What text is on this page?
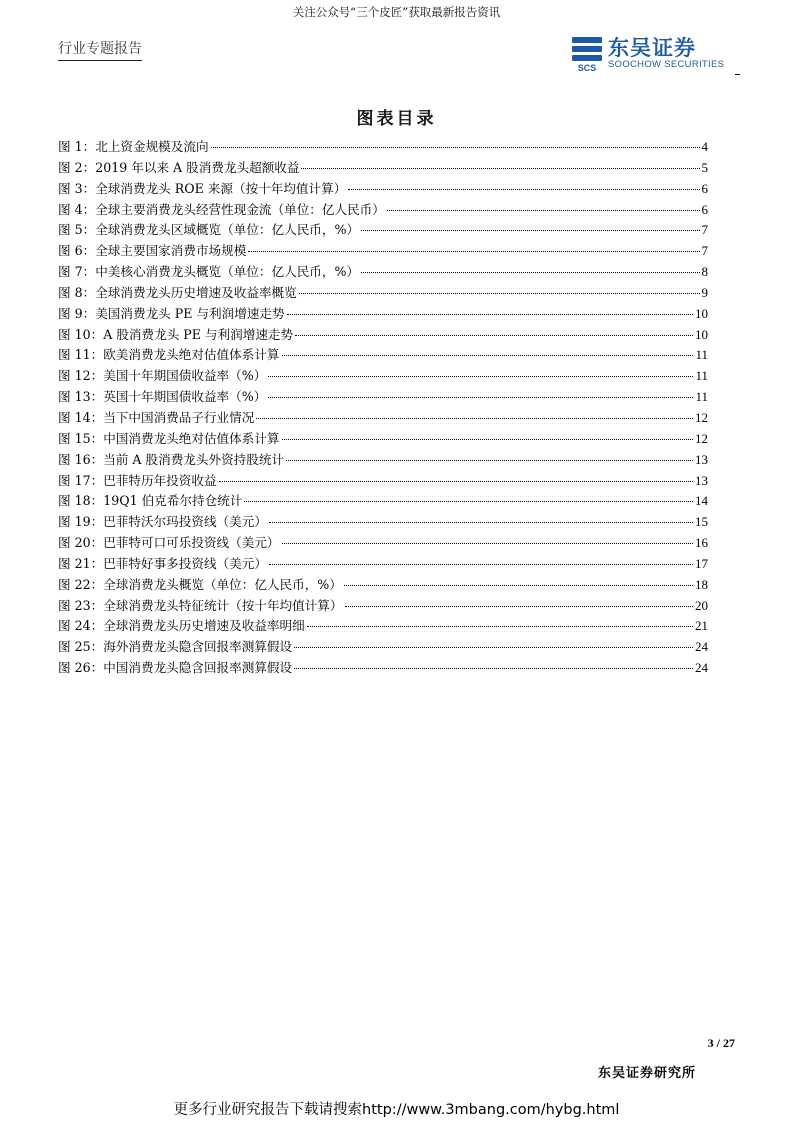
关注公众号“三个皮匠”获取最新报告资讯
行业专题报告
SCS
东吴证券
SOOCHOW SECURITIES
图表目录
图 1：北上资金规模及流向	4
图 2：2019 年以来 A 股消费龙头超额收益	5
图 3：全球消费龙头 ROE 来源（按十年均值计算）	6
图 4：全球主要消费龙头经营性现金流（单位：亿人民币）	6
图 5：全球消费龙头区域概览（单位：亿人民币，%）	7
图 6：全球主要国家消费市场规模	7
图 7：中美核心消费龙头概览（单位：亿人民币，%）	8
图 8：全球消费龙头历史增速及收益率概览	9
图 9：美国消费龙头 PE 与利润增速走势	10
图 10：A 股消费龙头 PE 与利润增速走势	10
图 11：欧美消费龙头绝对估值体系计算	11
图 12：美国十年期国债收益率（%）	11
图 13：英国十年期国债收益率（%）	11
图 14：当下中国消费品子行业情况	12
图 15：中国消费龙头绝对估值体系计算	12
图 16：当前 A 股消费龙头外资持股统计	13
图 17：巴菲特历年投资收益	13
图 18：19Q1 伯克希尔持仓统计	14
图 19：巴菲特沃尔玛投资线（美元）	15
图 20：巴菲特可口可乐投资线（美元）	16
图 21：巴菲特好事多投资线（美元）	17
图 22：全球消费龙头概览（单位：亿人民币，%）	18
图 23：全球消费龙头特征统计（按十年均值计算）	20
图 24：全球消费龙头历史增速及收益率明细	21
图 25：海外消费龙头隐含回报率测算假设	24
图 26：中国消费龙头隐含回报率测算假设	24
3 / 27
东吴证券研究所
更多行业研究报告下载请搜索http://www.3mbang.com/hybg.html
